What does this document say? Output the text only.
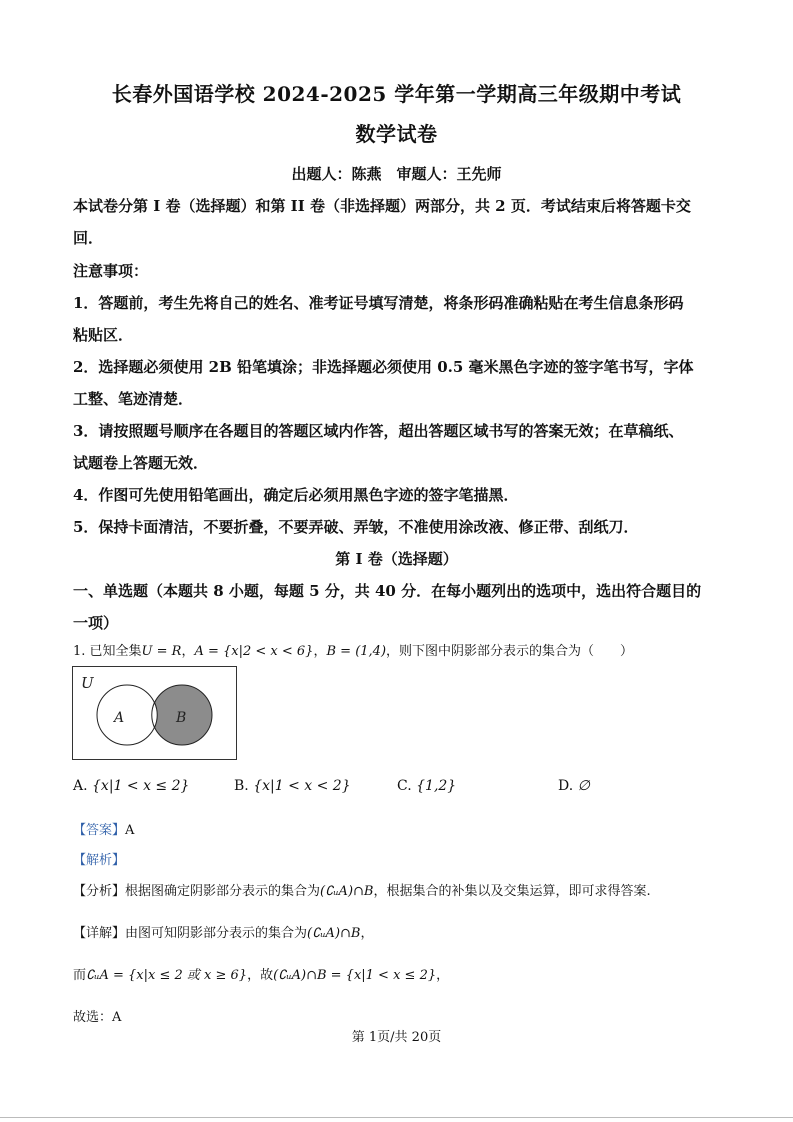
长春外国语学校 2024-2025 学年第一学期高三年级期中考试
数学试卷
出题人：陈燕　审题人：王先师
本试卷分第 I 卷（选择题）和第 II 卷（非选择题）两部分，共 2 页．考试结束后将答题卡交
回．
注意事项：
1．答题前，考生先将自己的姓名、准考证号填写清楚，将条形码准确粘贴在考生信息条形码
粘贴区．
2．选择题必须使用 2B 铅笔填涂；非选择题必须使用 0.5 毫米黑色字迹的签字笔书写，字体
工整、笔迹清楚．
3．请按照题号顺序在各题目的答题区域内作答，超出答题区域书写的答案无效；在草稿纸、
试题卷上答题无效．
4．作图可先使用铅笔画出，确定后必须用黑色字迹的签字笔描黑．
5．保持卡面清洁，不要折叠，不要弄破、弄皱，不准使用涂改液、修正带、刮纸刀．
第 I 卷（选择题）
一、单选题（本题共 8 小题，每题 5 分，共 40 分．在每小题列出的选项中，选出符合题目的
一项）
1. 已知全集U = R，A = {x|2 < x < 6}，B = (1,4)，则下图中阴影部分表示的集合为（　　）
U
A	B
A. {x|1 < x ≤ 2}	B. {x|1 < x < 2}	C. {1,2}	D. ∅
【答案】A
【解析】
【分析】根据图确定阴影部分表示的集合为(∁ᵤA)∩B，根据集合的补集以及交集运算，即可求得答案.
【详解】由图可知阴影部分表示的集合为(∁ᵤA)∩B，
而∁ᵤA = {x|x ≤ 2 或 x ≥ 6}，故(∁ᵤA)∩B = {x|1 < x ≤ 2}，
故选：A
第 1页/共 20页
